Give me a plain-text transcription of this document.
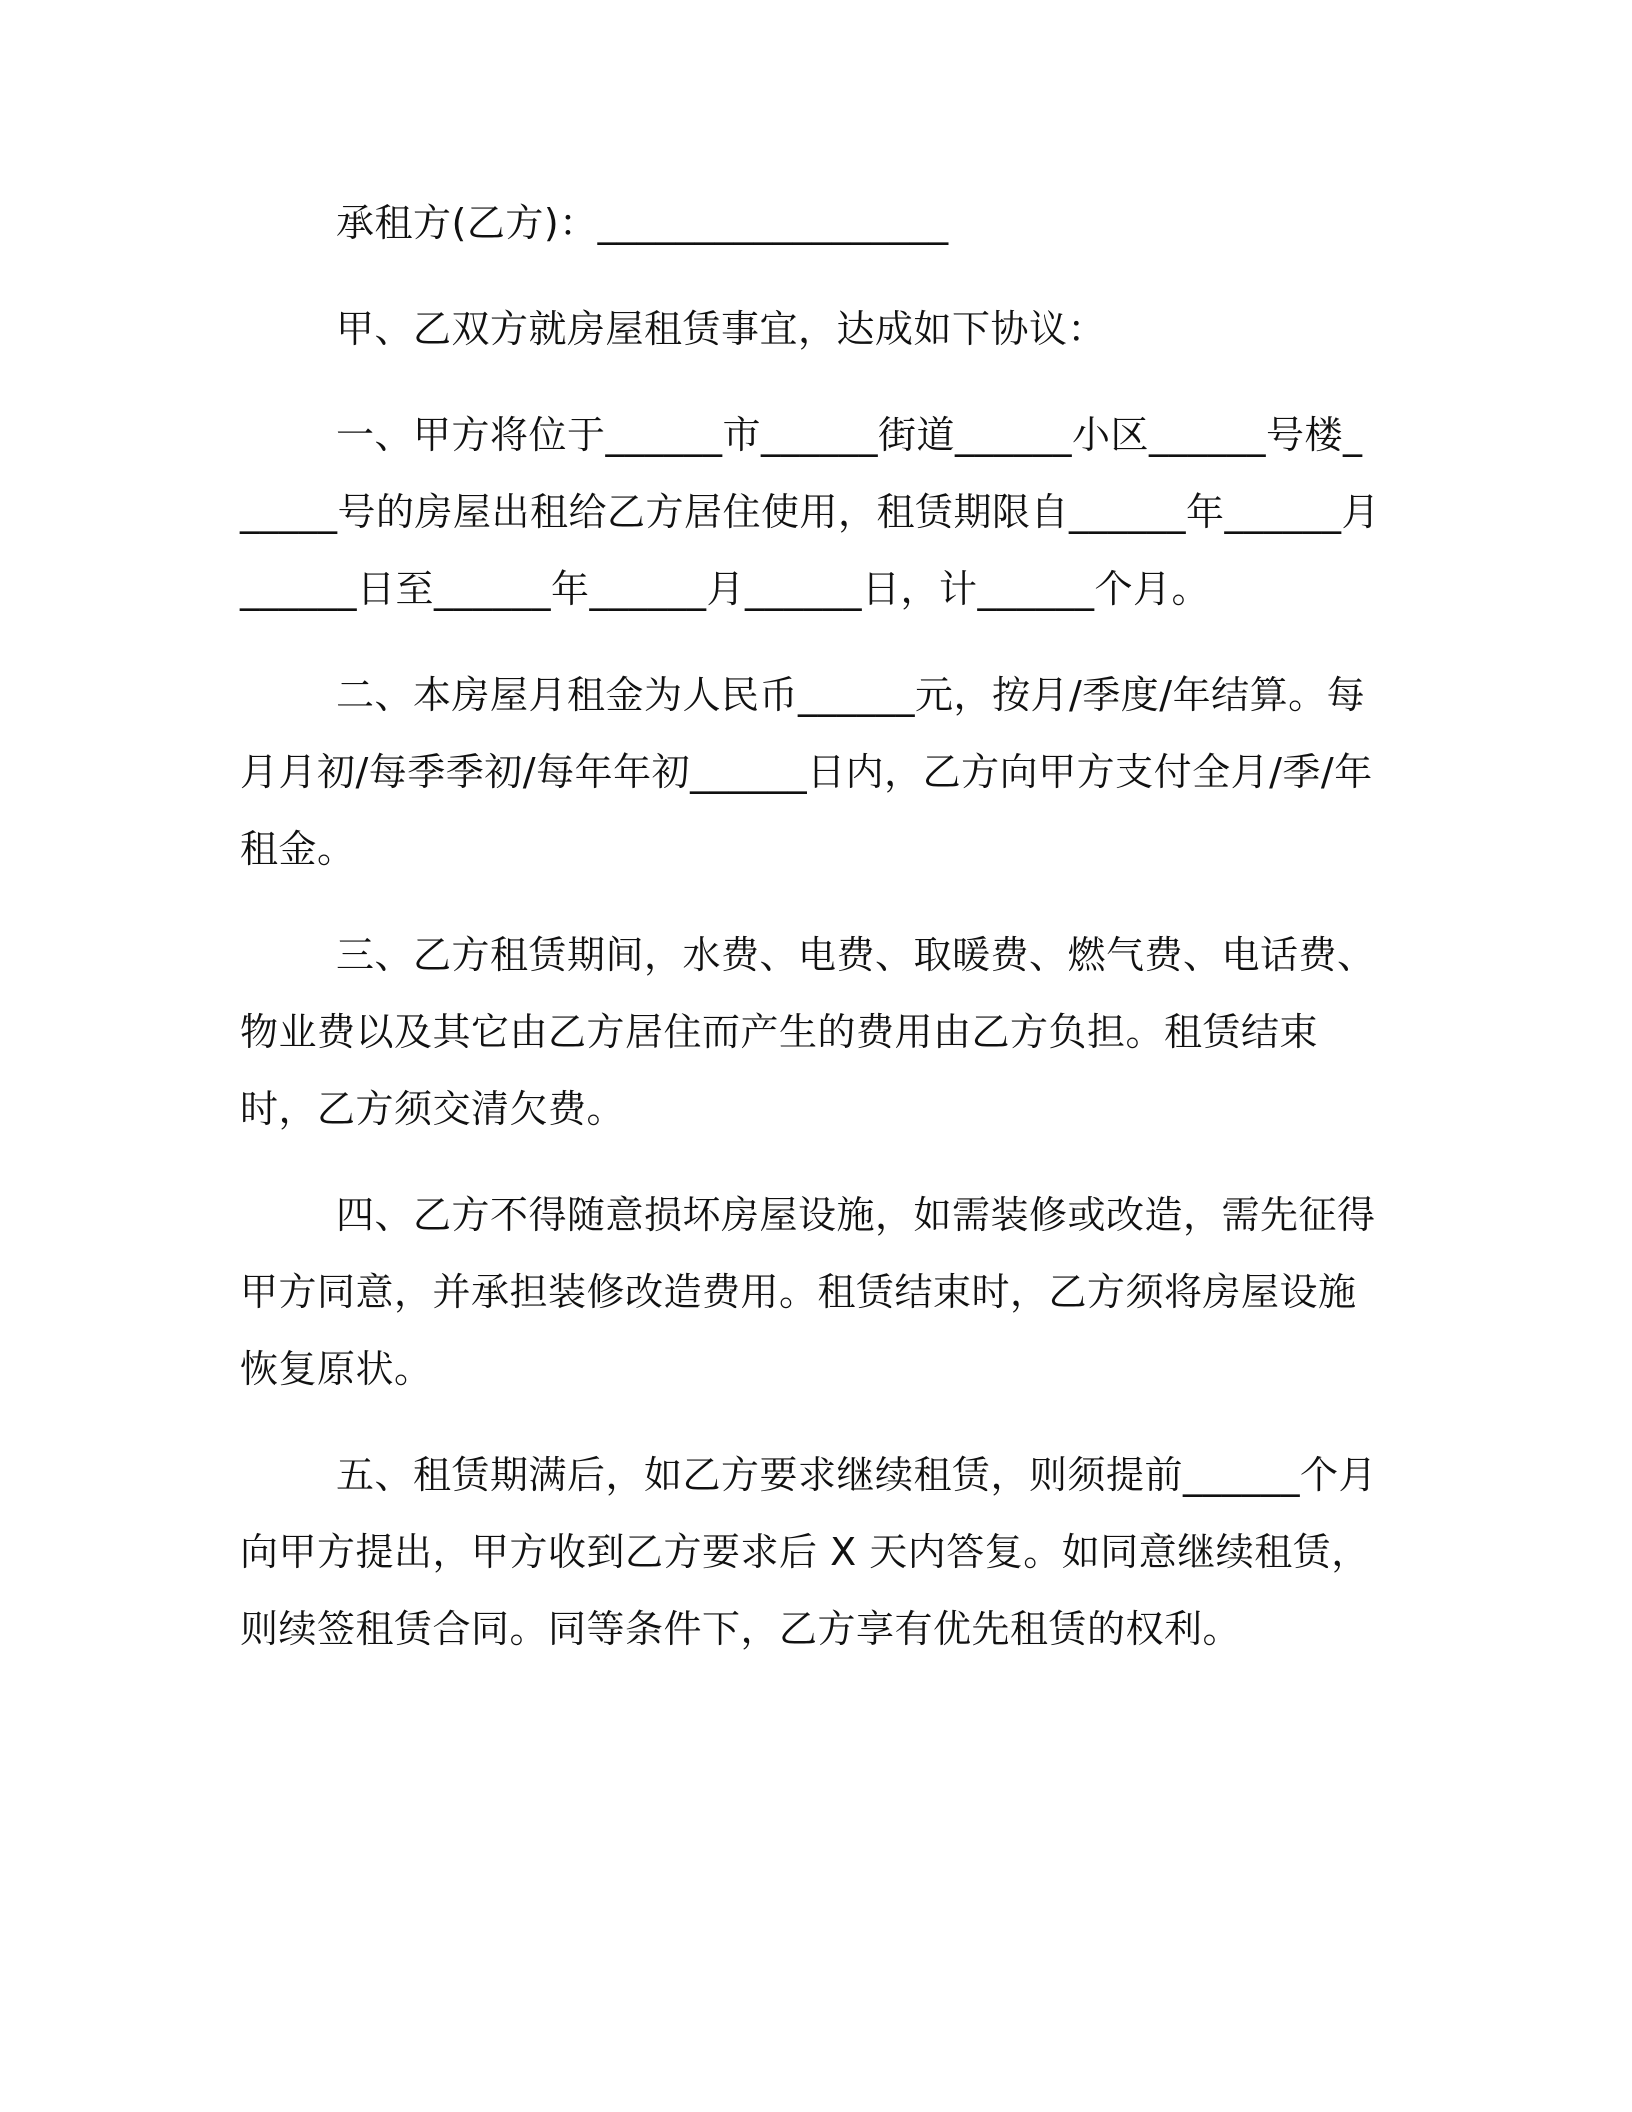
承租方(乙方)：__________________

甲、乙双方就房屋租赁事宜，达成如下协议：

一、甲方将位于______市______街道______小区______号楼______号的房屋出租给乙方居住使用，租赁期限自______年______月______日至______年______月______日，计______个月。

二、本房屋月租金为人民币______元，按月/季度/年结算。每月月初/每季季初/每年年初______日内，乙方向甲方支付全月/季/年租金。

三、乙方租赁期间，水费、电费、取暖费、燃气费、电话费、物业费以及其它由乙方居住而产生的费用由乙方负担。租赁结束时，乙方须交清欠费。

四、乙方不得随意损坏房屋设施，如需装修或改造，需先征得甲方同意，并承担装修改造费用。租赁结束时，乙方须将房屋设施恢复原状。

五、租赁期满后，如乙方要求继续租赁，则须提前______个月向甲方提出，甲方收到乙方要求后 X 天内答复。如同意继续租赁，则续签租赁合同。同等条件下，乙方享有优先租赁的权利。
